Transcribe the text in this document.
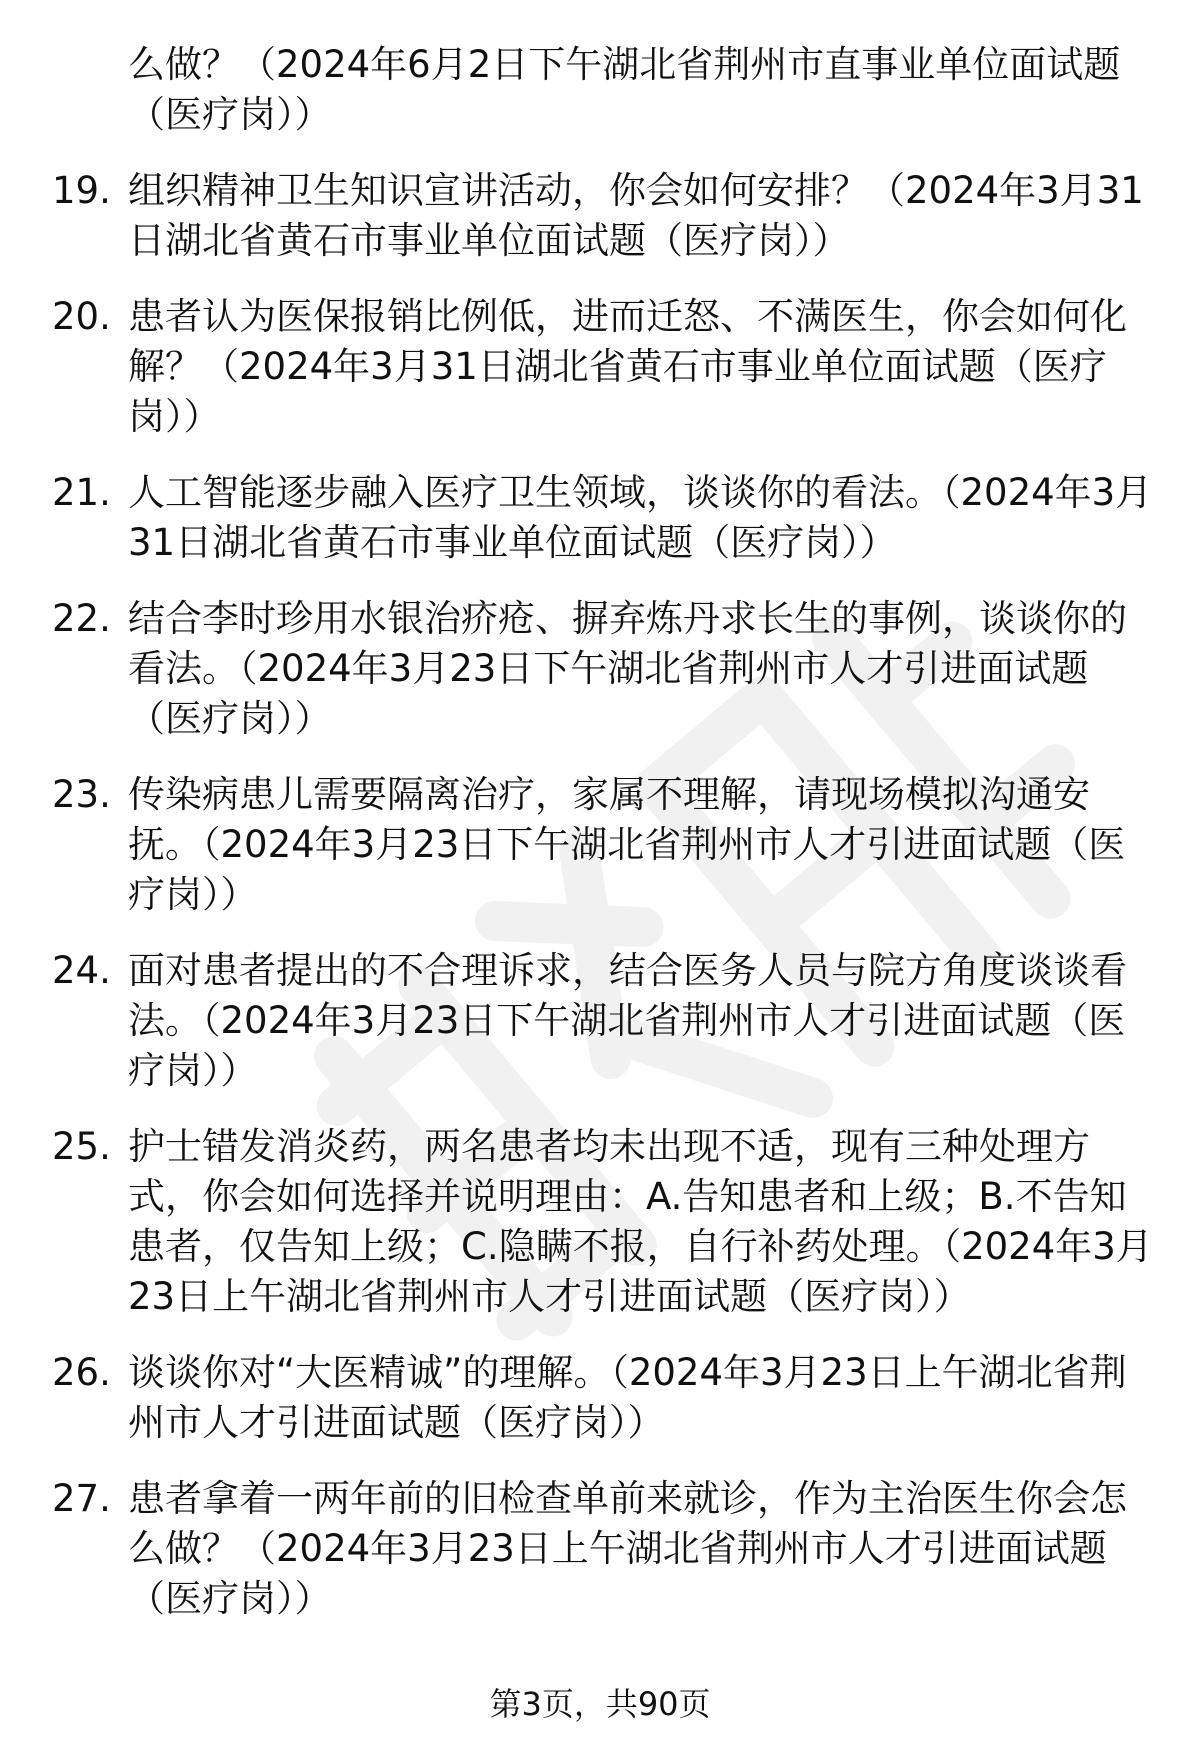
么做？（2024年6月2日下午湖北省荆州市直事业单位面试题（医疗岗））
19. 组织精神卫生知识宣讲活动，你会如何安排？（2024年3月31日湖北省黄石市事业单位面试题（医疗岗））
20. 患者认为医保报销比例低，进而迁怒、不满医生，你会如何化解？（2024年3月31日湖北省黄石市事业单位面试题（医疗岗））
21. 人工智能逐步融入医疗卫生领域，谈谈你的看法。（2024年3月31日湖北省黄石市事业单位面试题（医疗岗））
22. 结合李时珍用水银治疥疮、摒弃炼丹求长生的事例，谈谈你的看法。（2024年3月23日下午湖北省荆州市人才引进面试题（医疗岗））
23. 传染病患儿需要隔离治疗，家属不理解，请现场模拟沟通安抚。（2024年3月23日下午湖北省荆州市人才引进面试题（医疗岗））
24. 面对患者提出的不合理诉求，结合医务人员与院方角度谈谈看法。（2024年3月23日下午湖北省荆州市人才引进面试题（医疗岗））
25. 护士错发消炎药，两名患者均未出现不适，现有三种处理方式，你会如何选择并说明理由：A.告知患者和上级；B.不告知患者，仅告知上级；C.隐瞒不报，自行补药处理。（2024年3月23日上午湖北省荆州市人才引进面试题（医疗岗））
26. 谈谈你对“大医精诚”的理解。（2024年3月23日上午湖北省荆州市人才引进面试题（医疗岗））
27. 患者拿着一两年前的旧检查单前来就诊，作为主治医生你会怎么做？（2024年3月23日上午湖北省荆州市人才引进面试题（医疗岗））
第3页，共90页
